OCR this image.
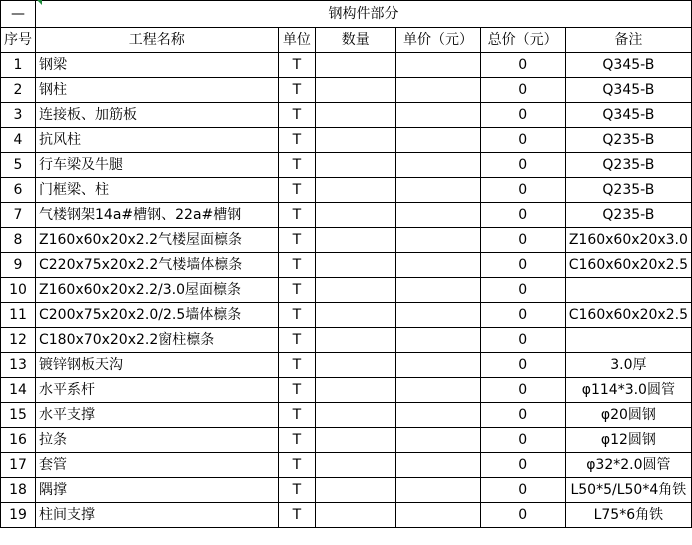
—	钢构件部分					
序号	工程名称	单位	数量	单价（元）	总价（元）	备注
1	钢梁	T			0	Q345-B
2	钢柱	T			0	Q345-B
3	连接板、加筋板	T			0	Q345-B
4	抗风柱	T			0	Q235-B
5	行车梁及牛腿	T			0	Q235-B
6	门框梁、柱	T			0	Q235-B
7	气楼钢架14a#槽钢、22a#槽钢	T			0	Q235-B
8	Z160x60x20x2.2气楼屋面檩条	T			0	Z160x60x20x3.0
9	C220x75x20x2.2气楼墙体檩条	T			0	C160x60x20x2.5
10	Z160x60x20x2.2/3.0屋面檩条	T			0	
11	C200x75x20x2.0/2.5墙体檩条	T			0	C160x60x20x2.5
12	C180x70x20x2.2窗柱檩条	T			0	
13	镀锌钢板天沟	T			0	3.0厚
14	水平系杆	T			0	φ114*3.0圆管
15	水平支撑	T			0	φ20圆钢
16	拉条	T			0	φ12圆钢
17	套管	T			0	φ32*2.0圆管
18	隅撑	T			0	L50*5/L50*4角铁
19	柱间支撑	T			0	L75*6角铁
